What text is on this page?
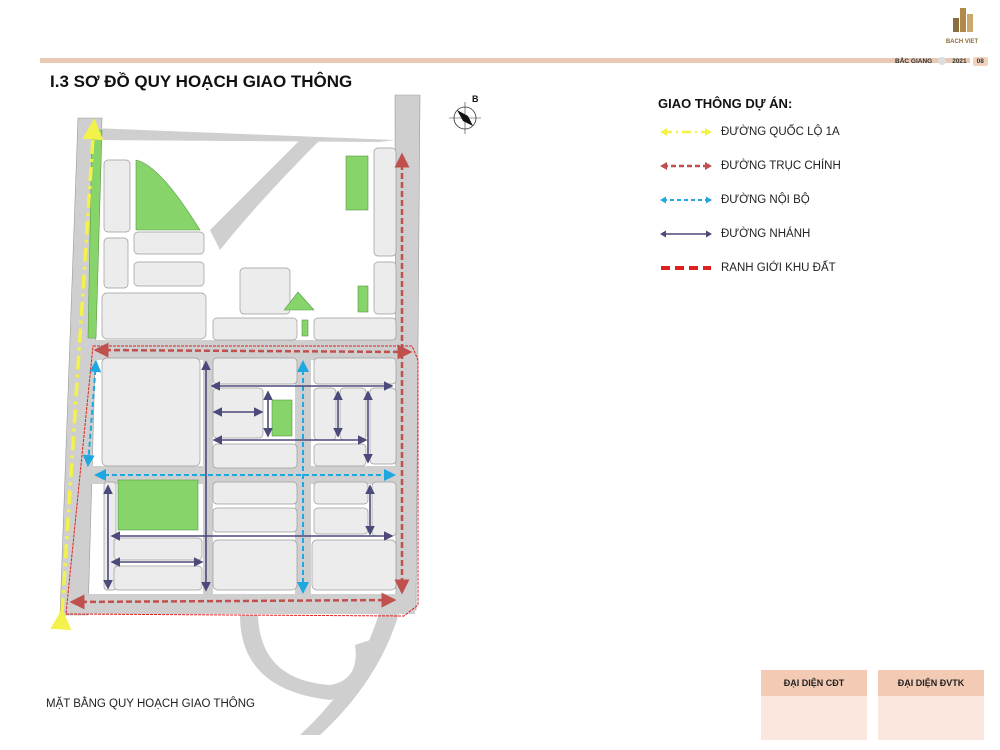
BẮC GIANG	2021	08
BACH VIET
I.3 SƠ ĐỒ QUY HOẠCH GIAO THÔNG
B	GIAO THÔNG DỰ ÁN:
ĐƯỜNG QUỐC LỘ 1A
ĐƯỜNG TRỤC CHÍNH
ĐƯỜNG NỘI BỘ
ĐƯỜNG NHÁNH
RANH GIỚI KHU ĐẤT
MẶT BẰNG QUY HOẠCH GIAO THÔNG
ĐẠI DIỆN CĐT	ĐẠI DIỆN ĐVTK
